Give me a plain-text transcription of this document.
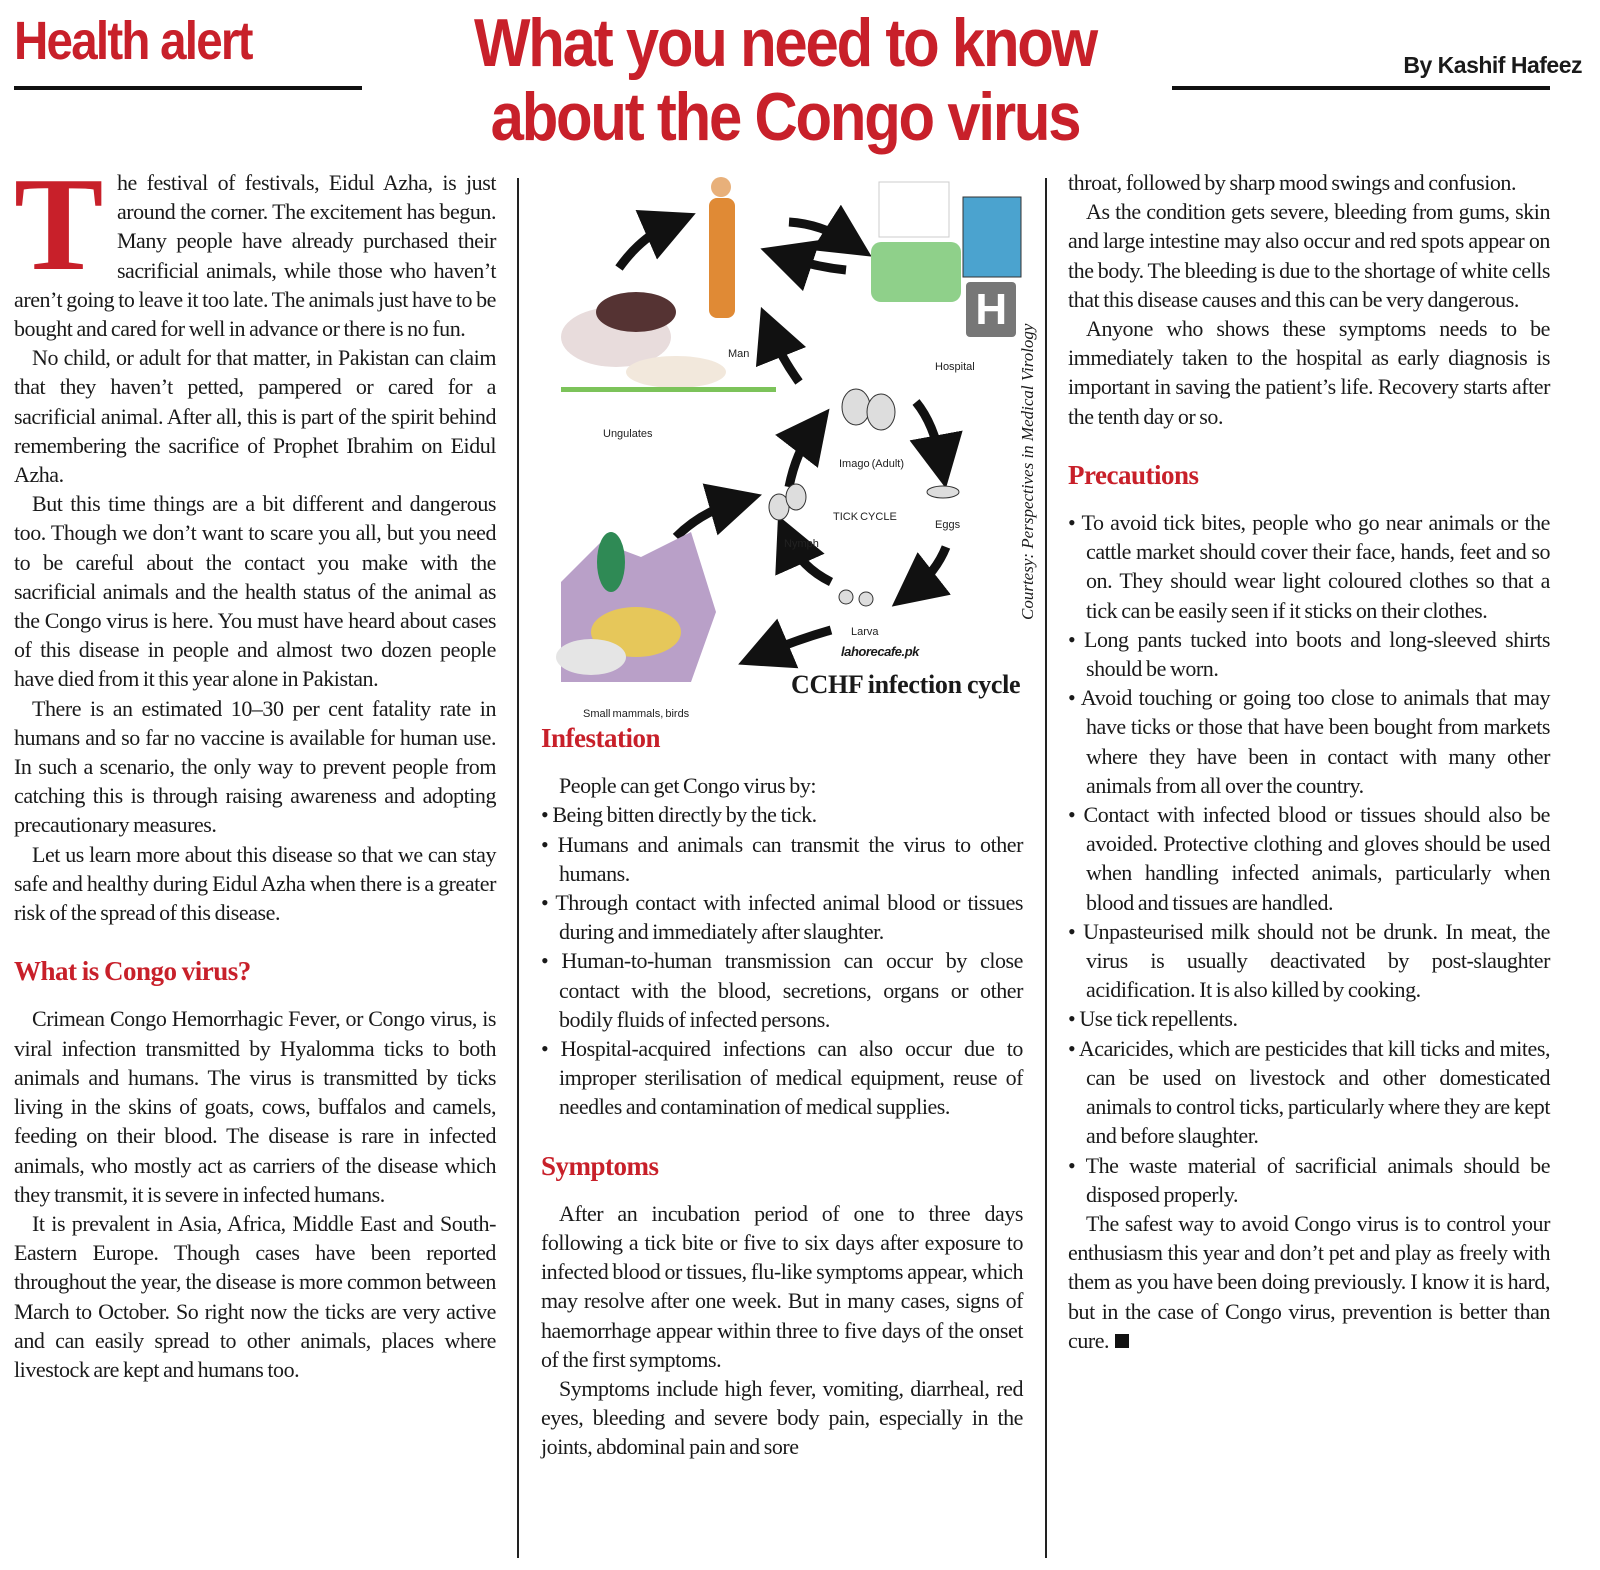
Health alert	What you need to know
about the Congo virus
By Kashif Hafeez

The festival of festivals, Eidul Azha, is just around the corner. The excitement has begun. Many people have already purchased their sacrificial animals, while those who haven’t aren’t going to leave it too late. The animals just have to be bought and cared for well in advance or there is no fun.

No child, or adult for that matter, in Pakistan can claim that they haven’t petted, pampered or cared for a sacrificial animal. After all, this is part of the spirit behind remembering the sacrifice of Prophet Ibrahim on Eidul Azha.

But this time things are a bit different and dangerous too. Though we don’t want to scare you all, but you need to be careful about the contact you make with the sacrificial animals and the health status of the animal as the Congo virus is here. You must have heard about cases of this disease in people and almost two dozen people have died from it this year alone in Pakistan.

There is an estimated 10–30 per cent fatality rate in humans and so far no vaccine is available for human use. In such a scenario, the only way to prevent people from catching this is through raising awareness and adopting precautionary measures.

Let us learn more about this disease so that we can stay safe and healthy during Eidul Azha when there is a greater risk of the spread of this disease.

What is Congo virus?

Crimean Congo Hemorrhagic Fever, or Congo virus, is viral infection transmitted by Hyalomma ticks to both animals and humans. The virus is transmitted by ticks living in the skins of goats, cows, buffalos and camels, feeding on their blood. The disease is rare in infected animals, who mostly act as carriers of the disease which they transmit, it is severe in infected humans.

It is prevalent in Asia, Africa, Middle East and South-Eastern Europe. Though cases have been reported throughout the year, the disease is more common between March to October. So right now the ticks are very active and can easily spread to other animals, places where livestock are kept and humans too.

H
Man
Hospital
Ungulates
Imago (Adult)
TICK CYCLE
Eggs
Nymph
Larva
Small mammals, birds
lahorecafe.pk
CCHF infection cycle
Infestation

People can get Congo virus by:

• Being bitten directly by the tick.
• Humans and animals can transmit the virus to other humans.
• Through contact with infected animal blood or tissues during and immediately after slaughter.
• Human-to-human transmission can occur by close contact with the blood, secretions, organs or other bodily fluids of infected persons.
• Hospital-acquired infections can also occur due to improper sterilisation of medical equipment, reuse of needles and contamination of medical supplies.
Symptoms

After an incubation period of one to three days following a tick bite or five to six days after exposure to infected blood or tissues, flu-like symptoms appear, which may resolve after one week. But in many cases, signs of haemorrhage appear within three to five days of the onset of the first symptoms.

Symptoms include high fever, vomiting, diarrheal, red eyes, bleeding and severe body pain, especially in the joints, abdominal pain and sore

Courtesy: Perspectives in Medical Virology

throat, followed by sharp mood swings and confusion.

As the condition gets severe, bleeding from gums, skin and large intestine may also occur and red spots appear on the body. The bleeding is due to the shortage of white cells that this disease causes and this can be very dangerous.

Anyone who shows these symptoms needs to be immediately taken to the hospital as early diagnosis is important in saving the patient’s life. Recovery starts after the tenth day or so.

Precautions
• To avoid tick bites, people who go near animals or the cattle market should cover their face, hands, feet and so on. They should wear light coloured clothes so that a tick can be easily seen if it sticks on their clothes.
• Long pants tucked into boots and long-sleeved shirts should be worn.
• Avoid touching or going too close to animals that may have ticks or those that have been bought from markets where they have been in contact with many other animals from all over the country.
• Contact with infected blood or tissues should also be avoided. Protective clothing and gloves should be used when handling infected animals, particularly when blood and tissues are handled.
• Unpasteurised milk should not be drunk. In meat, the virus is usually deactivated by post-slaughter acidification. It is also killed by cooking.
• Use tick repellents.
• Acaricides, which are pesticides that kill ticks and mites, can be used on livestock and other domesticated animals to control ticks, particularly where they are kept and before slaughter.
• The waste material of sacrificial animals should be disposed properly.

The safest way to avoid Congo virus is to control your enthusiasm this year and don’t pet and play as freely with them as you have been doing previously. I know it is hard, but in the case of Congo virus, prevention is better than cure.
